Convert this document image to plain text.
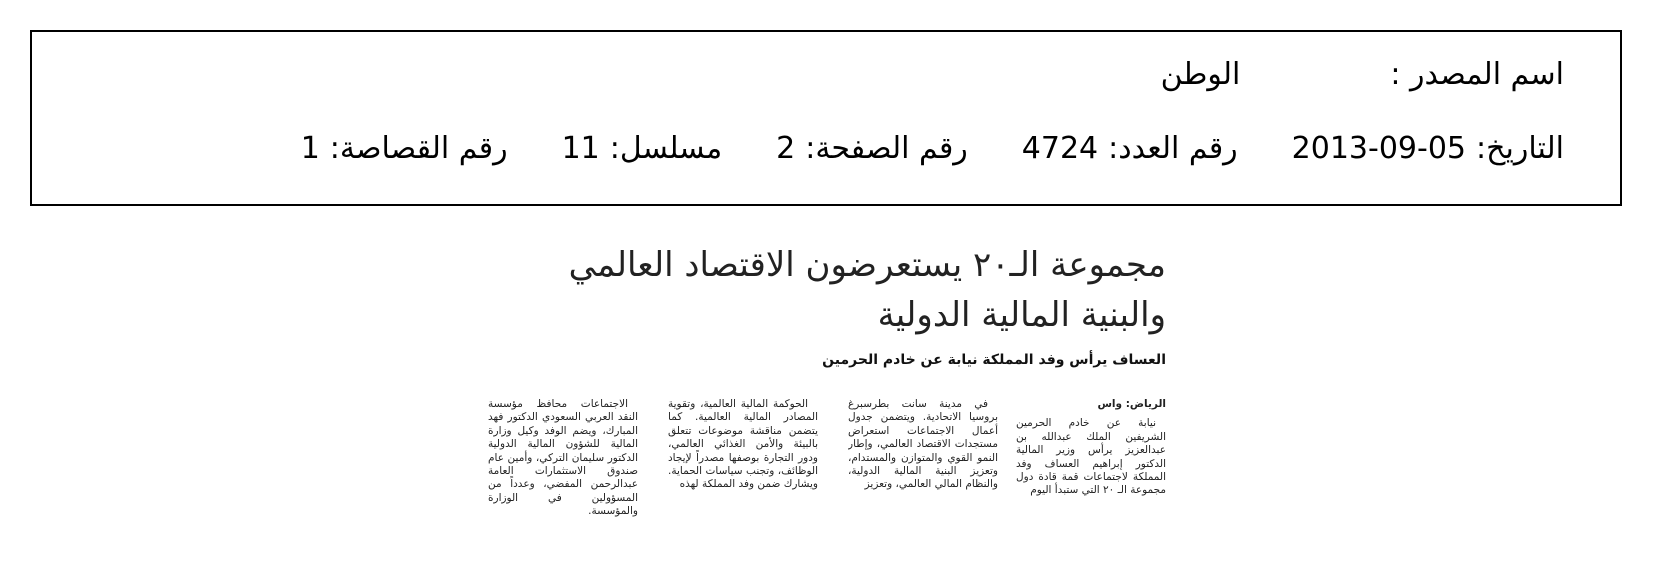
اسم المصدر :
الوطن
التاريخ:
2013-09-05
رقم العدد:
4724
رقم الصفحة:
2
مسلسل:
11
رقم القصاصة:
1
مجموعة الـ٢٠ يستعرضون الاقتصاد العالمي
والبنية المالية الدولية
العساف يرأس وفد المملكة نيابة عن خادم الحرمين
الرياض: واس
نيابة عن خادم الحرمين الشريفين الملك عبدالله بن عبدالعزيز يرأس وزير المالية الدكتور إبراهيم العساف وفد المملكة لاجتماعات قمة قادة دول مجموعة الـ ٢٠ التي ستبدأ اليوم
في مدينة سانت بطرسبرغ بروسيا الاتحادية. ويتضمن جدول أعمال الاجتماعات استعراض مستجدات الاقتصاد العالمي، وإطار النمو القوي والمتوازن والمستدام، وتعزيز البنية المالية الدولية، والنظام المالي العالمي، وتعزيز
الحوكمة المالية العالمية، وتقوية المصادر المالية العالمية. كما يتضمن مناقشة موضوعات تتعلق بالبيئة والأمن الغذائي العالمي، ودور التجارة بوصفها مصدراً لإيجاد الوظائف، وتجنب سياسات الحماية. ويشارك ضمن وفد المملكة لهذه
الاجتماعات محافظ مؤسسة النقد العربي السعودي الدكتور فهد المبارك، ويضم الوفد وكيل وزارة المالية للشؤون المالية الدولية الدكتور سليمان التركي، وأمين عام صندوق الاستثمارات العامة عبدالرحمن المفضي، وعدداً من المسؤولين في الوزارة والمؤسسة.
